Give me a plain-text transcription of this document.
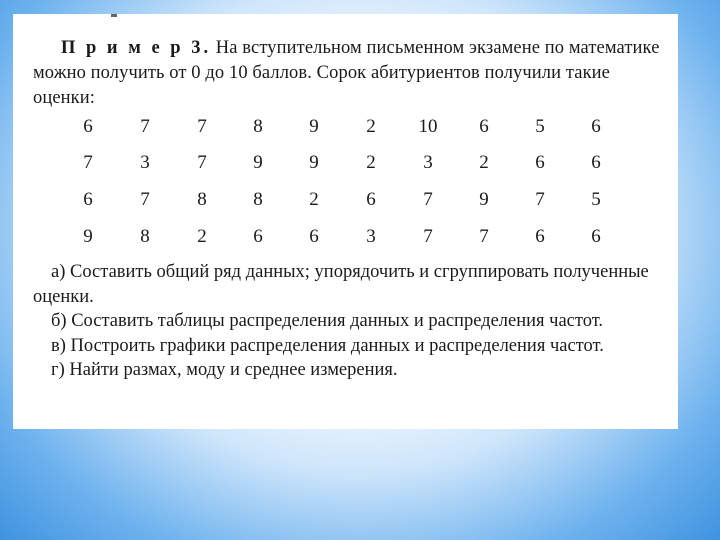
П р и м е р 3. На вступительном письменном экзамене по математике можно получить от 0 до 10 баллов. Сорок абитуриентов получили такие оценки:

6	7	7	8	9	2	10	6	5	6
7	3	7	9	9	2	3	2	6	6
6	7	8	8	2	6	7	9	7	5
9	8	2	6	6	3	7	7	6	6

а) Составить общий ряд данных; упорядочить и сгруппировать полученные оценки.

б) Составить таблицы распределения данных и распределения частот.

в) Построить графики распределения данных и распределения частот.

г) Найти размах, моду и среднее измерения.
